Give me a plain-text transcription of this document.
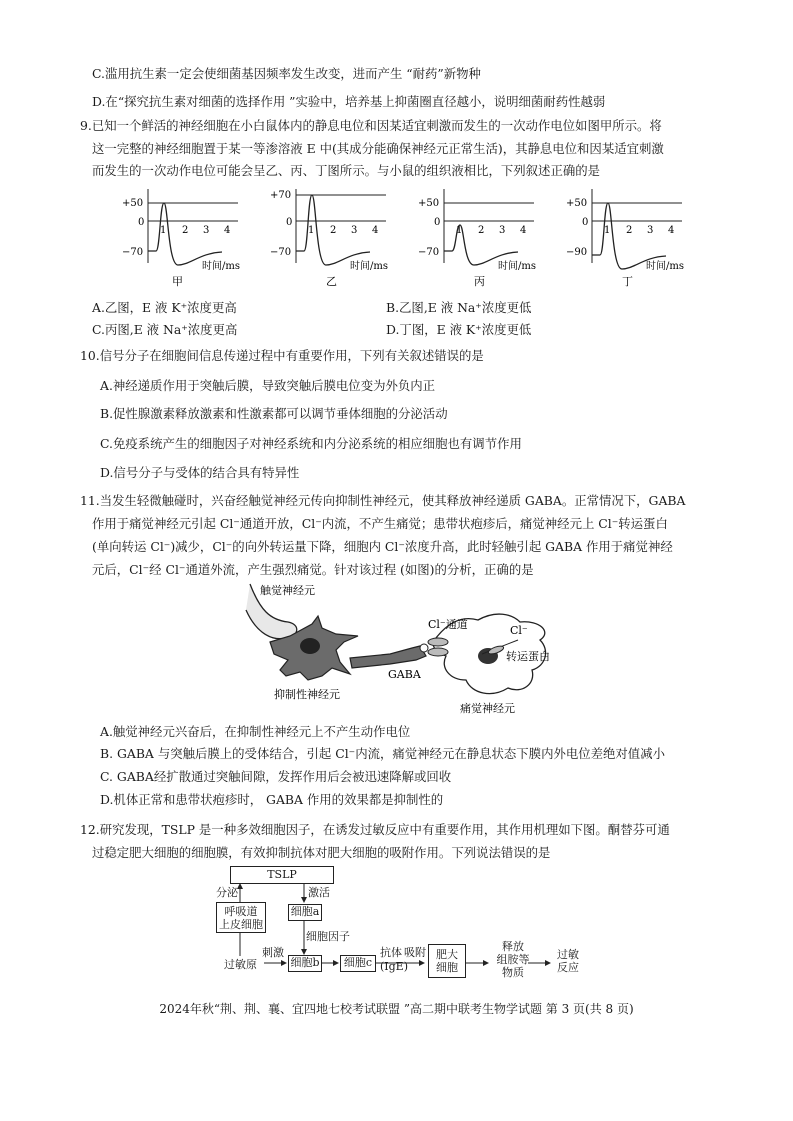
C.滥用抗生素一定会使细菌基因频率发生改变，进而产生 “耐药”新物种
D.在“探究抗生素对细菌的选择作用 ”实验中，培养基上抑菌圈直径越小，说明细菌耐药性越弱
9.已知一个鲜活的神经细胞在小白鼠体内的静息电位和因某适宜刺激而发生的一次动作电位如图甲所示。将
这一完整的神经细胞置于某一等渗溶液 E 中(其成分能确保神经元正常生活)，其静息电位和因某适宜刺激
而发生的一次动作电位可能会呈乙、丙、丁图所示。与小鼠的组织液相比，下列叙述正确的是
+50
0
−70
1 2 3 4
时间/ms
甲
+70
0
−70
1 2 3 4
时间/ms
乙
+50
0
−70
1 2 3 4
时间/ms
丙
+50
0
−90
1 2 3 4
时间/ms
丁
A.乙图，E 液 K⁺浓度更高	B.乙图,E 液 Na⁺浓度更低
C.丙图,E 液 Na⁺浓度更高	D.丁图，E 液 K⁺浓度更低
10.信号分子在细胞间信息传递过程中有重要作用，下列有关叙述错误的是
A.神经递质作用于突触后膜，导致突触后膜电位变为外负内正
B.促性腺激素释放激素和性激素都可以调节垂体细胞的分泌活动
C.免疫系统产生的细胞因子对神经系统和内分泌系统的相应细胞也有调节作用
D.信号分子与受体的结合具有特异性
11.当发生轻微触碰时，兴奋经触觉神经元传向抑制性神经元，使其释放神经递质 GABA。正常情况下，GABA
作用于痛觉神经元引起 Cl⁻通道开放，Cl⁻内流，不产生痛觉；患带状疱疹后，痛觉神经元上 Cl⁻转运蛋白
(单向转运 Cl⁻)减少，Cl⁻的向外转运量下降，细胞内 Cl⁻浓度升高，此时轻触引起 GABA 作用于痛觉神经
元后，Cl⁻经 Cl⁻通道外流，产生强烈痛觉。针对该过程 (如图)的分析，正确的是
触觉神经元
GABA
抑制性神经元
Cl⁻通道	Cl⁻
转运蛋白
痛觉神经元
A.触觉神经元兴奋后，在抑制性神经元上不产生动作电位
B. GABA 与突触后膜上的受体结合，引起 Cl⁻内流，痛觉神经元在静息状态下膜内外电位差绝对值减小
C. GABA经扩散通过突触间隙，发挥作用后会被迅速降解或回收
D.机体正常和患带状疱疹时， GABA 作用的效果都是抑制性的
12.研究发现，TSLP 是一种多效细胞因子，在诱发过敏反应中有重要作用，其作用机理如下图。酮替芬可通
过稳定肥大细胞的细胞膜，有效抑制抗体对肥大细胞的吸附作用。下列说法错误的是
TSLP
分泌	激活
呼吸道
上皮细胞
细胞a
细胞因子
刺激
过敏原	细胞b	细胞c
抗体
(IgE)
吸附 肥大
细胞
释放
组胺等
物质
过敏
反应
2024年秋“荆、荆、襄、宜四地七校考试联盟 ”高二期中联考生物学试题 第 3 页(共 8 页)
